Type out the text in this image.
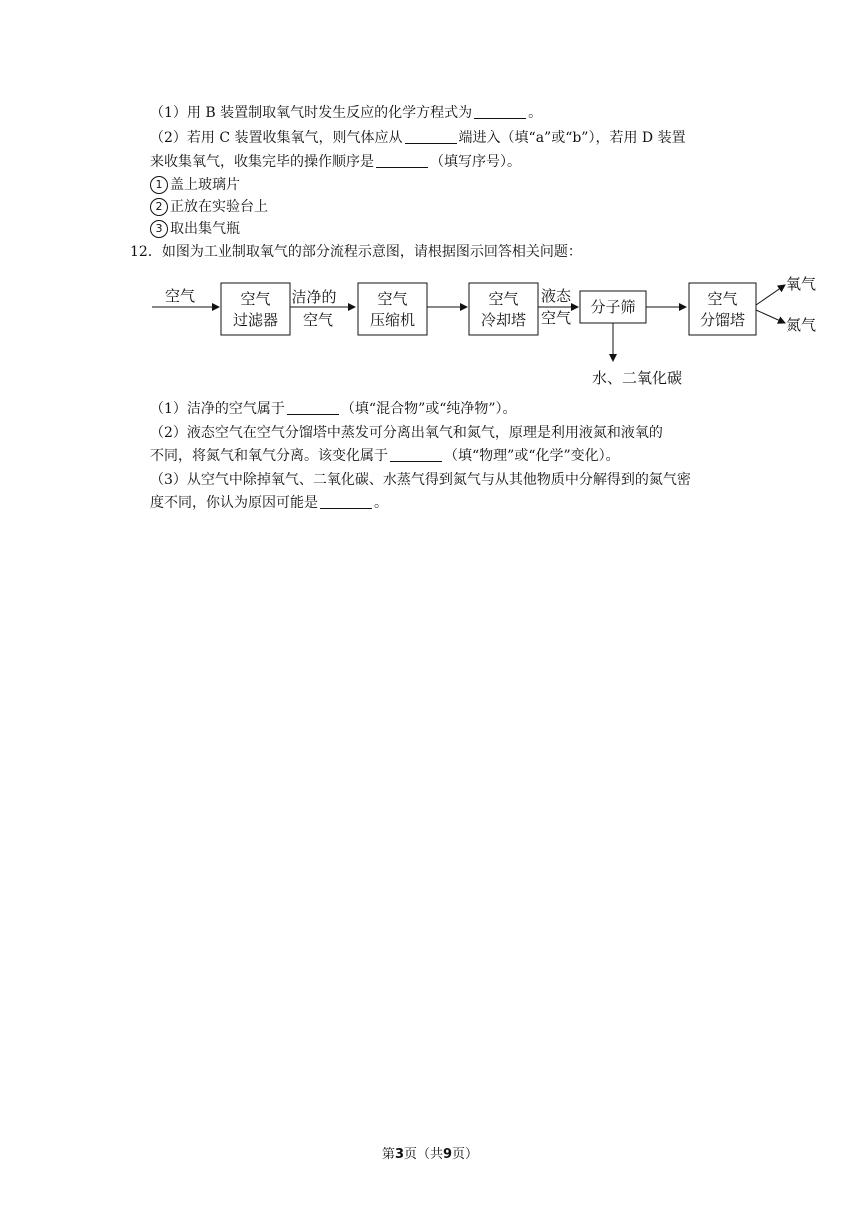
（1）用 B 装置制取氧气时发生反应的化学方程式为	。
（2）若用 C 装置收集氧气，则气体应从	端进入（填“a”或“b”），若用 D 装置
来收集氧气，收集完毕的操作顺序是	（填写序号）。
1 盖上玻璃片
2 正放在实验台上
3 取出集气瓶
12．如图为工业制取氧气的部分流程示意图，请根据图示回答相关问题：
空气	空气
过滤器
洁净的
空气
空气
压缩机
空气
冷却塔
液态
空气
分子筛
水、二氧化碳
空气
分馏塔
氧气
氮气
（1）洁净的空气属于	（填“混合物”或“纯净物”）。
（2）液态空气在空气分馏塔中蒸发可分离出氧气和氮气，原理是利用液氮和液氧的
不同，将氮气和氧气分离。该变化属于	（填“物理”或“化学”变化）。
（3）从空气中除掉氧气、二氧化碳、水蒸气得到氮气与从其他物质中分解得到的氮气密
度不同，你认为原因可能是	。
第3页（共9页）
